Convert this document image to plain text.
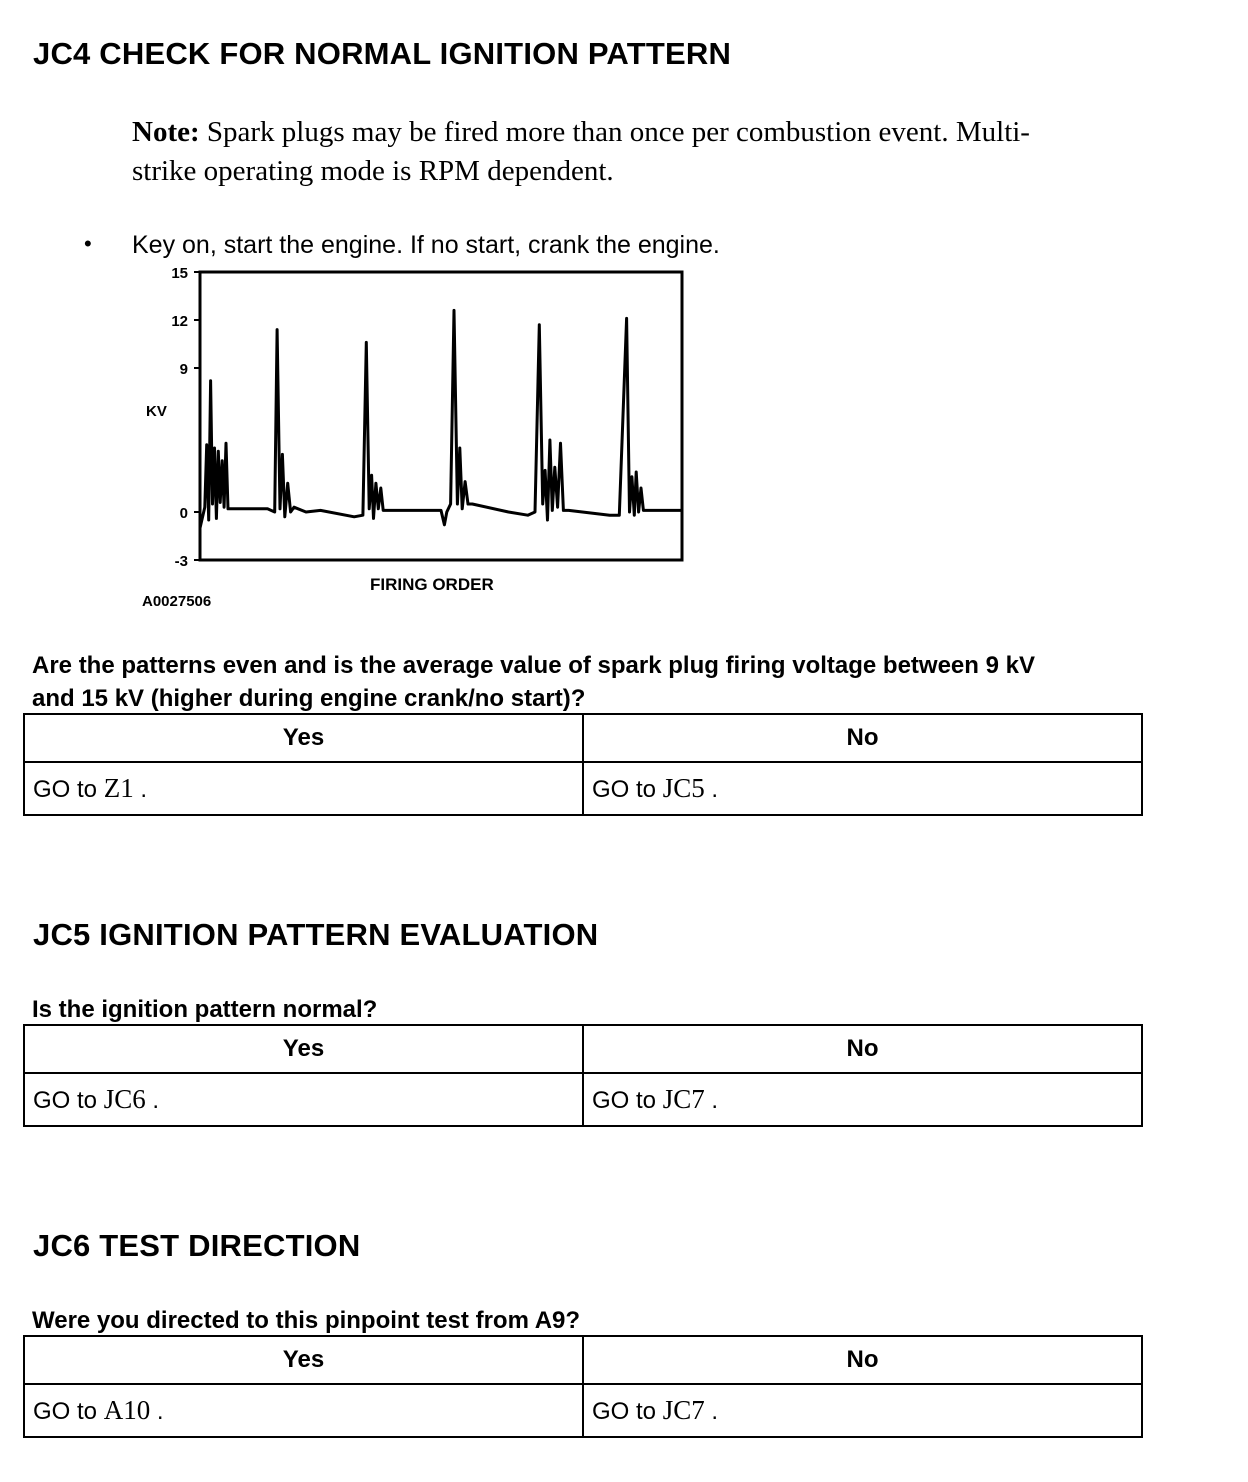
JC4 CHECK FOR NORMAL IGNITION PATTERN
Note: Spark plugs may be fired more than once per combustion event. Multi-
strike operating mode is RPM dependent.
• Key on, start the engine. If no start, crank the engine.
15
12
9
0
-3
KV
FIRING ORDER
A0027506
Are the patterns even and is the average value of spark plug firing voltage between 9 kV
and 15 kV (higher during engine crank/no start)?
Yes	No
GO to Z1 .	GO to JC5 .
JC5 IGNITION PATTERN EVALUATION
Is the ignition pattern normal?
Yes	No
GO to JC6 .	GO to JC7 .
JC6 TEST DIRECTION
Were you directed to this pinpoint test from A9?
Yes	No
GO to A10 .	GO to JC7 .
